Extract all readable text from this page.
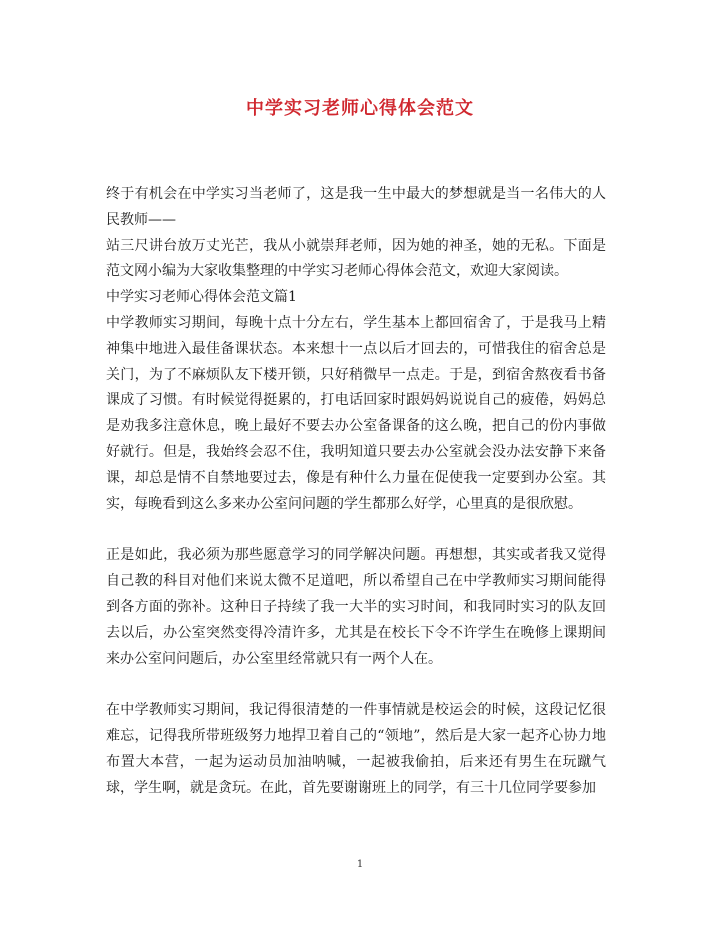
中学实习老师心得体会范文

终于有机会在中学实习当老师了，这是我一生中最大的梦想就是当一名伟大的人民教师——

站三尺讲台放万丈光芒，我从小就崇拜老师，因为她的神圣，她的无私。下面是范文网小编为大家收集整理的中学实习老师心得体会范文，欢迎大家阅读。

中学实习老师心得体会范文篇1

中学教师实习期间，每晚十点十分左右，学生基本上都回宿舍了，于是我马上精神集中地进入最佳备课状态。本来想十一点以后才回去的，可惜我住的宿舍总是关门，为了不麻烦队友下楼开锁，只好稍微早一点走。于是，到宿舍熬夜看书备课成了习惯。有时候觉得挺累的，打电话回家时跟妈妈说说自己的疲倦，妈妈总是劝我多注意休息，晚上最好不要去办公室备课备的这么晚，把自己的份内事做好就行。但是，我始终会忍不住，我明知道只要去办公室就会没办法安静下来备课，却总是情不自禁地要过去，像是有种什么力量在促使我一定要到办公室。其实，每晚看到这么多来办公室问问题的学生都那么好学，心里真的是很欣慰。

正是如此，我必须为那些愿意学习的同学解决问题。再想想，其实或者我又觉得自己教的科目对他们来说太微不足道吧，所以希望自己在中学教师实习期间能得到各方面的弥补。这种日子持续了我一大半的实习时间，和我同时实习的队友回去以后，办公室突然变得冷清许多，尤其是在校长下令不许学生在晚修上课期间来办公室问问题后，办公室里经常就只有一两个人在。

在中学教师实习期间，我记得很清楚的一件事情就是校运会的时候，这段记忆很难忘，记得我所带班级努力地捍卫着自己的“领地”，然后是大家一起齐心协力地布置大本营，一起为运动员加油呐喊，一起被我偷拍，后来还有男生在玩蹴气球，学生啊，就是贪玩。在此，首先要谢谢班上的同学，有三十几位同学要参加

1
